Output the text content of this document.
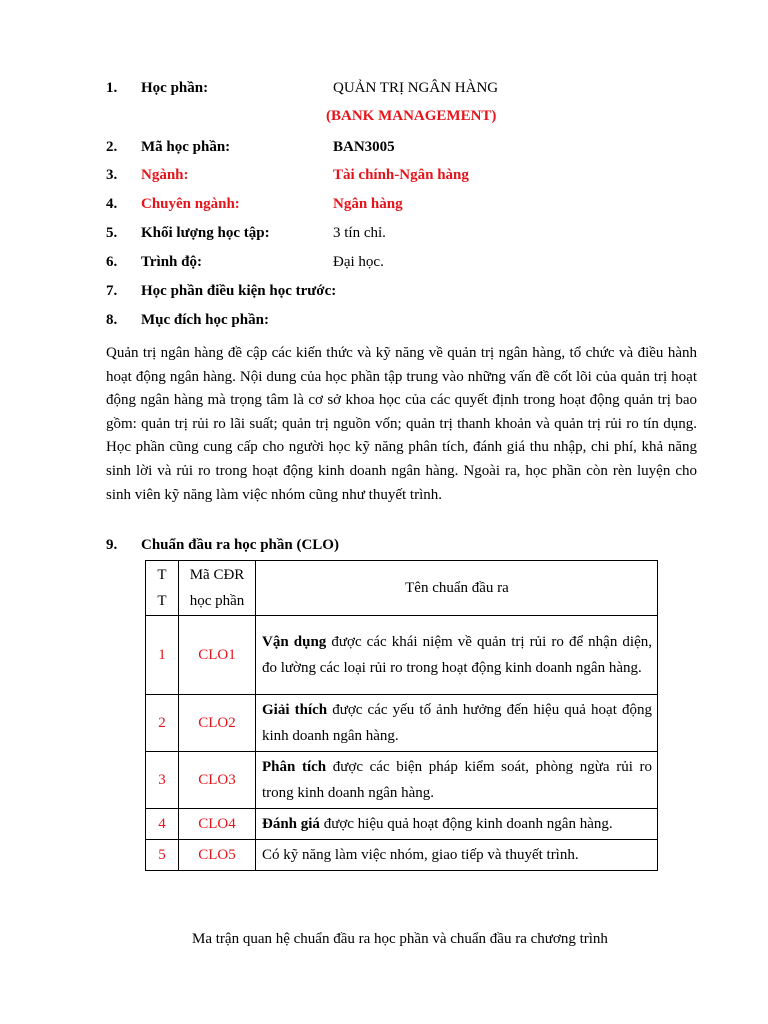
1. Học phần:	QUẢN TRỊ NGÂN HÀNG
(BANK MANAGEMENT)
2. Mã học phần:	BAN3005
3. Ngành:	Tài chính-Ngân hàng
4. Chuyên ngành:	Ngân hàng
5. Khối lượng học tập:	3 tín chỉ.
6. Trình độ:	Đại học.
7. Học phần điều kiện học trước:
8. Mục đích học phần:

Quản trị ngân hàng đề cập các kiến thức và kỹ năng về quản trị ngân hàng, tổ chức và điều hành hoạt động ngân hàng. Nội dung của học phần tập trung vào những vấn đề cốt lõi của quản trị hoạt động ngân hàng mà trọng tâm là cơ sở khoa học của các quyết định trong hoạt động quản trị bao gồm: quản trị rủi ro lãi suất; quản trị nguồn vốn; quản trị thanh khoản và quản trị rủi ro tín dụng. Học phần cũng cung cấp cho người học kỹ năng phân tích, đánh giá thu nhập, chi phí, khả năng sinh lời và rủi ro trong hoạt động kinh doanh ngân hàng. Ngoài ra, học phần còn rèn luyện cho sinh viên kỹ năng làm việc nhóm cũng như thuyết trình.

9. Chuẩn đầu ra học phần (CLO)
T
T	Mã CĐR học phần	Tên chuẩn đầu ra
1	CLO1	Vận dụng được các khái niệm về quản trị rủi ro để nhận diện, đo lường các loại rủi ro trong hoạt động kinh doanh ngân hàng.
2	CLO2	Giải thích được các yếu tố ảnh hưởng đến hiệu quả hoạt động kinh doanh ngân hàng.
3	CLO3	Phân tích được các biện pháp kiểm soát, phòng ngừa rủi ro trong kinh doanh ngân hàng.
4	CLO4	Đánh giá được hiệu quả hoạt động kinh doanh ngân hàng.
5	CLO5	Có kỹ năng làm việc nhóm, giao tiếp và thuyết trình.
Ma trận quan hệ chuẩn đầu ra học phần và chuẩn đầu ra chương trình
